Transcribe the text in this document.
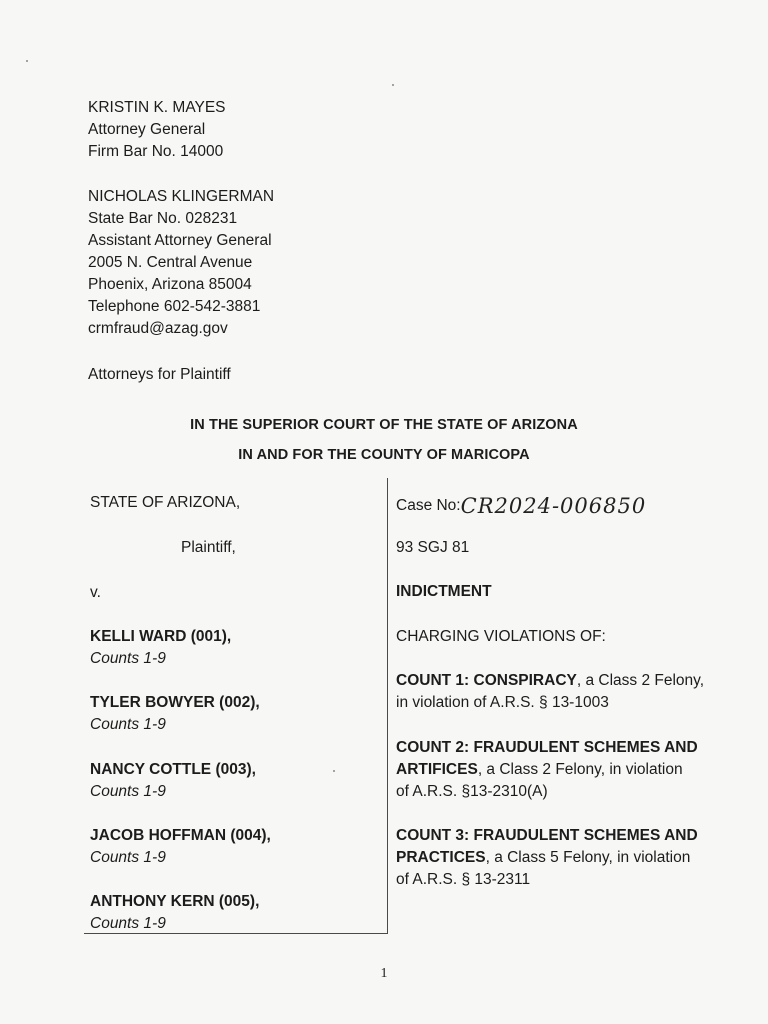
KRISTIN K. MAYES
Attorney General
Firm Bar No. 14000
NICHOLAS KLINGERMAN
State Bar No. 028231
Assistant Attorney General
2005 N. Central Avenue
Phoenix, Arizona 85004
Telephone 602-542-3881
crmfraud@azag.gov
Attorneys for Plaintiff
IN THE SUPERIOR COURT OF THE STATE OF ARIZONA
IN AND FOR THE COUNTY OF MARICOPA
STATE OF ARIZONA,
Plaintiff,
v.
KELLI WARD (001),
Counts 1-9
TYLER BOWYER (002),
Counts 1-9
NANCY COTTLE (003),
Counts 1-9
JACOB HOFFMAN (004),
Counts 1-9
ANTHONY KERN (005),
Counts 1-9
Case No:CR2024-006850
93 SGJ 81
INDICTMENT
CHARGING VIOLATIONS OF:
COUNT 1: CONSPIRACY, a Class 2 Felony,
in violation of A.R.S. § 13-1003
COUNT 2: FRAUDULENT SCHEMES AND
ARTIFICES, a Class 2 Felony, in violation
of A.R.S. §13-2310(A)
COUNT 3: FRAUDULENT SCHEMES AND
PRACTICES, a Class 5 Felony, in violation
of A.R.S. § 13-2311
1
